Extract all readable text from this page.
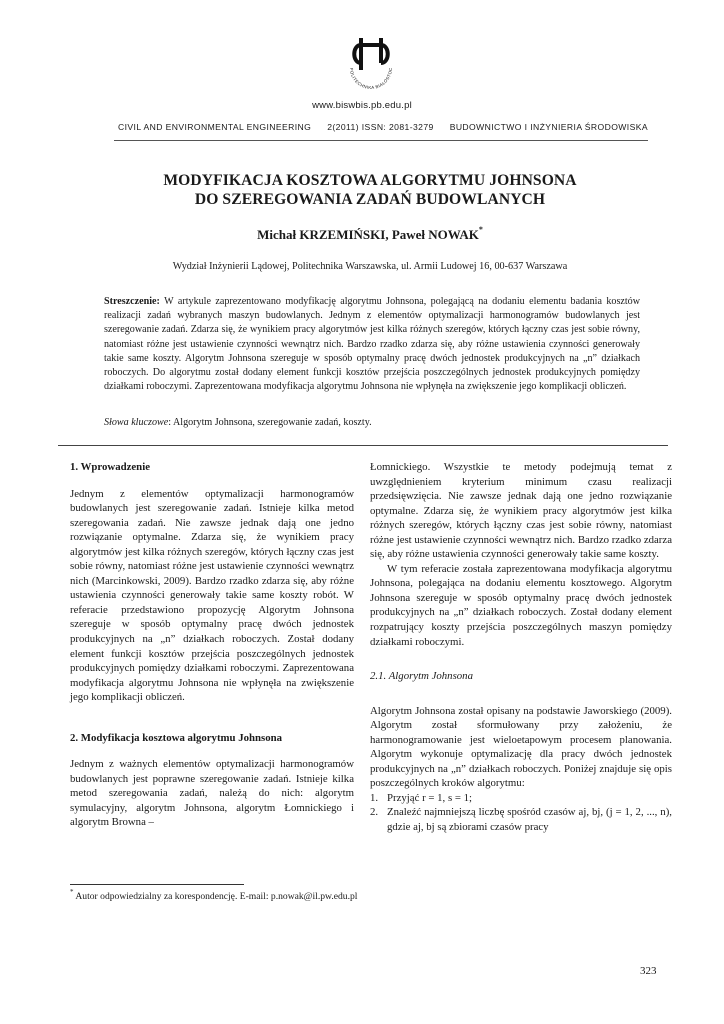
POLITECHNIKA BIAŁOSTOC
www.biswbis.pb.edu.pl
CIVIL AND ENVIRONMENTAL ENGINEERING 2(2011) ISSN: 2081-3279 BUDOWNICTWO I INŻYNIERIA ŚRODOWISKA
MODYFIKACJA KOSZTOWA ALGORYTMU JOHNSONA
DO SZEREGOWANIA ZADAŃ BUDOWLANYCH
Michał KRZEMIŃSKI, Paweł NOWAK*
Wydział Inżynierii Lądowej, Politechnika Warszawska, ul. Armii Ludowej 16, 00-637 Warszawa
Streszczenie: W artykule zaprezentowano modyfikację algorytmu Johnsona, polegającą na dodaniu elementu badania kosztów realizacji zadań wybranych maszyn budowlanych. Jednym z elementów optymalizacji harmonogramów budowlanych jest szeregowanie zadań. Zdarza się, że wynikiem pracy algorytmów jest kilka różnych szeregów, których łączny czas jest sobie równy, natomiast różne jest ustawienie czynności wewnątrz nich. Bardzo rzadko zdarza się, aby różne ustawienia czynności generowały takie same koszty. Algorytm Johnsona szereguje w sposób optymalny pracę dwóch jednostek produkcyjnych na „n” działkach roboczych. Do algorytmu został dodany element funkcji kosztów przejścia poszczególnych jednostek produkcyjnych pomiędzy działkami roboczymi. Zaprezentowana modyfikacja algorytmu Johnsona nie wpłynęła na zwiększenie jego komplikacji obliczeń.
Słowa kluczowe: Algorytm Johnsona, szeregowanie zadań, koszty.
1. Wprowadzenie

Jednym z elementów optymalizacji harmonogramów budowlanych jest szeregowanie zadań. Istnieje kilka metod szeregowania zadań. Nie zawsze jednak dają one jedno rozwiązanie optymalne. Zdarza się, że wynikiem pracy algorytmów jest kilka różnych szeregów, których łączny czas jest sobie równy, natomiast różne jest ustawienie czynności wewnątrz nich (Marcinkowski, 2009). Bardzo rzadko zdarza się, aby różne ustawienia czynności generowały takie same koszty robót. W referacie przedstawiono propozycję Algorytm Johnsona szereguje w sposób optymalny pracę dwóch jednostek produkcyjnych na „n” działkach roboczych. Został dodany element funkcji kosztów przejścia poszczególnych jednostek produkcyjnych pomiędzy działkami roboczymi. Zaprezentowana modyfikacja algorytmu Johnsona nie wpłynęła na zwiększenie jego komplikacji obliczeń.

2. Modyfikacja kosztowa algorytmu Johnsona

Jednym z ważnych elementów optymalizacji harmonogramów budowlanych jest poprawne szeregowanie zadań. Istnieje kilka metod szeregowania zadań, należą do nich: algorytm symulacyjny, algorytm Johnsona, algorytm Łomnickiego i algorytm Browna –

Łomnickiego. Wszystkie te metody podejmują temat z uwzględnieniem kryterium minimum czasu realizacji przedsięwzięcia. Nie zawsze jednak dają one jedno rozwiązanie optymalne. Zdarza się, że wynikiem pracy algorytmów jest kilka różnych szeregów, których łączny czas jest sobie równy, natomiast różne jest ustawienie czynności wewnątrz nich. Bardzo rzadko zdarza się, aby różne ustawienia czynności generowały takie same koszty.

W tym referacie została zaprezentowana modyfikacja algorytmu Johnsona, polegająca na dodaniu elementu kosztowego. Algorytm Johnsona szereguje w sposób optymalny pracę dwóch jednostek produkcyjnych na „n” działkach roboczych. Został dodany element rozpatrujący koszty przejścia poszczególnych maszyn pomiędzy działkami roboczymi.

2.1. Algorytm Johnsona

Algorytm Johnsona został opisany na podstawie Jaworskiego (2009). Algorytm został sformułowany przy założeniu, że harmonogramowanie jest wieloetapowym procesem planowania. Algorytm wykonuje optymalizację dla pracy dwóch jednostek produkcyjnych na „n” działkach roboczych. Poniżej znajduje się opis poszczególnych kroków algorytmu:

1. Przyjąć r = 1, s = 1;
2. Znaleźć najmniejszą liczbę spośród czasów aj, bj, (j = 1, 2, ..., n), gdzie aj, bj są zbiorami czasów pracy
* Autor odpowiedzialny za korespondencję. E-mail: p.nowak@il.pw.edu.pl
323
